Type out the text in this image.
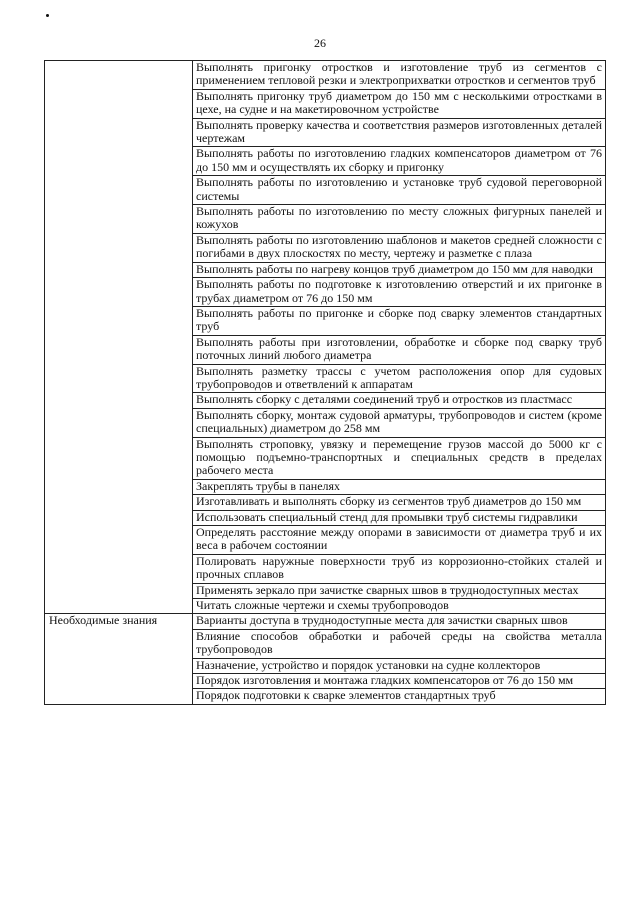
26
	Выполнять пригонку отростков и изготовление труб из сегментов с применением тепловой резки и электроприхватки отростков и сегментов труб
	Выполнять пригонку труб диаметром до 150 мм с несколькими отростками в цехе, на судне и на макетировочном устройстве
	Выполнять проверку качества и соответствия размеров изготовленных деталей чертежам
	Выполнять работы по изготовлению гладких компенсаторов диаметром от 76 до 150 мм и осуществлять их сборку и пригонку
	Выполнять работы по изготовлению и установке труб судовой переговорной системы
	Выполнять работы по изготовлению по месту сложных фигурных панелей и кожухов
	Выполнять работы по изготовлению шаблонов и макетов средней сложности с погибами в двух плоскостях по месту, чертежу и разметке с плаза
	Выполнять работы по нагреву концов труб диаметром до 150 мм для наводки
	Выполнять работы по подготовке к изготовлению отверстий и их пригонке в трубах диаметром от 76 до 150 мм
	Выполнять работы по пригонке и сборке под сварку элементов стандартных труб
	Выполнять работы при изготовлении, обработке и сборке под сварку труб поточных линий любого диаметра
	Выполнять разметку трассы с учетом расположения опор для судовых трубопроводов и ответвлений к аппаратам
	Выполнять сборку с деталями соединений труб и отростков из пластмасс
	Выполнять сборку, монтаж судовой арматуры, трубопроводов и систем (кроме специальных) диаметром до 258 мм
	Выполнять строповку, увязку и перемещение грузов массой до 5000 кг с помощью подъемно-транспортных и специальных средств в пределах рабочего места
	Закреплять трубы в панелях
	Изготавливать и выполнять сборку из сегментов труб диаметров до 150 мм
	Использовать специальный стенд для промывки труб системы гидравлики
	Определять расстояние между опорами в зависимости от диаметра труб и их веса в рабочем состоянии
	Полировать наружные поверхности труб из коррозионно-стойких сталей и прочных сплавов
	Применять зеркало при зачистке сварных швов в труднодоступных местах
	Читать сложные чертежи и схемы трубопроводов
Необходимые знания	Варианты доступа в труднодоступные места для зачистки сварных швов
	Влияние способов обработки и рабочей среды на свойства металла трубопроводов
	Назначение, устройство и порядок установки на судне коллекторов
	Порядок изготовления и монтажа гладких компенсаторов от 76 до 150 мм
	Порядок подготовки к сварке элементов стандартных труб
